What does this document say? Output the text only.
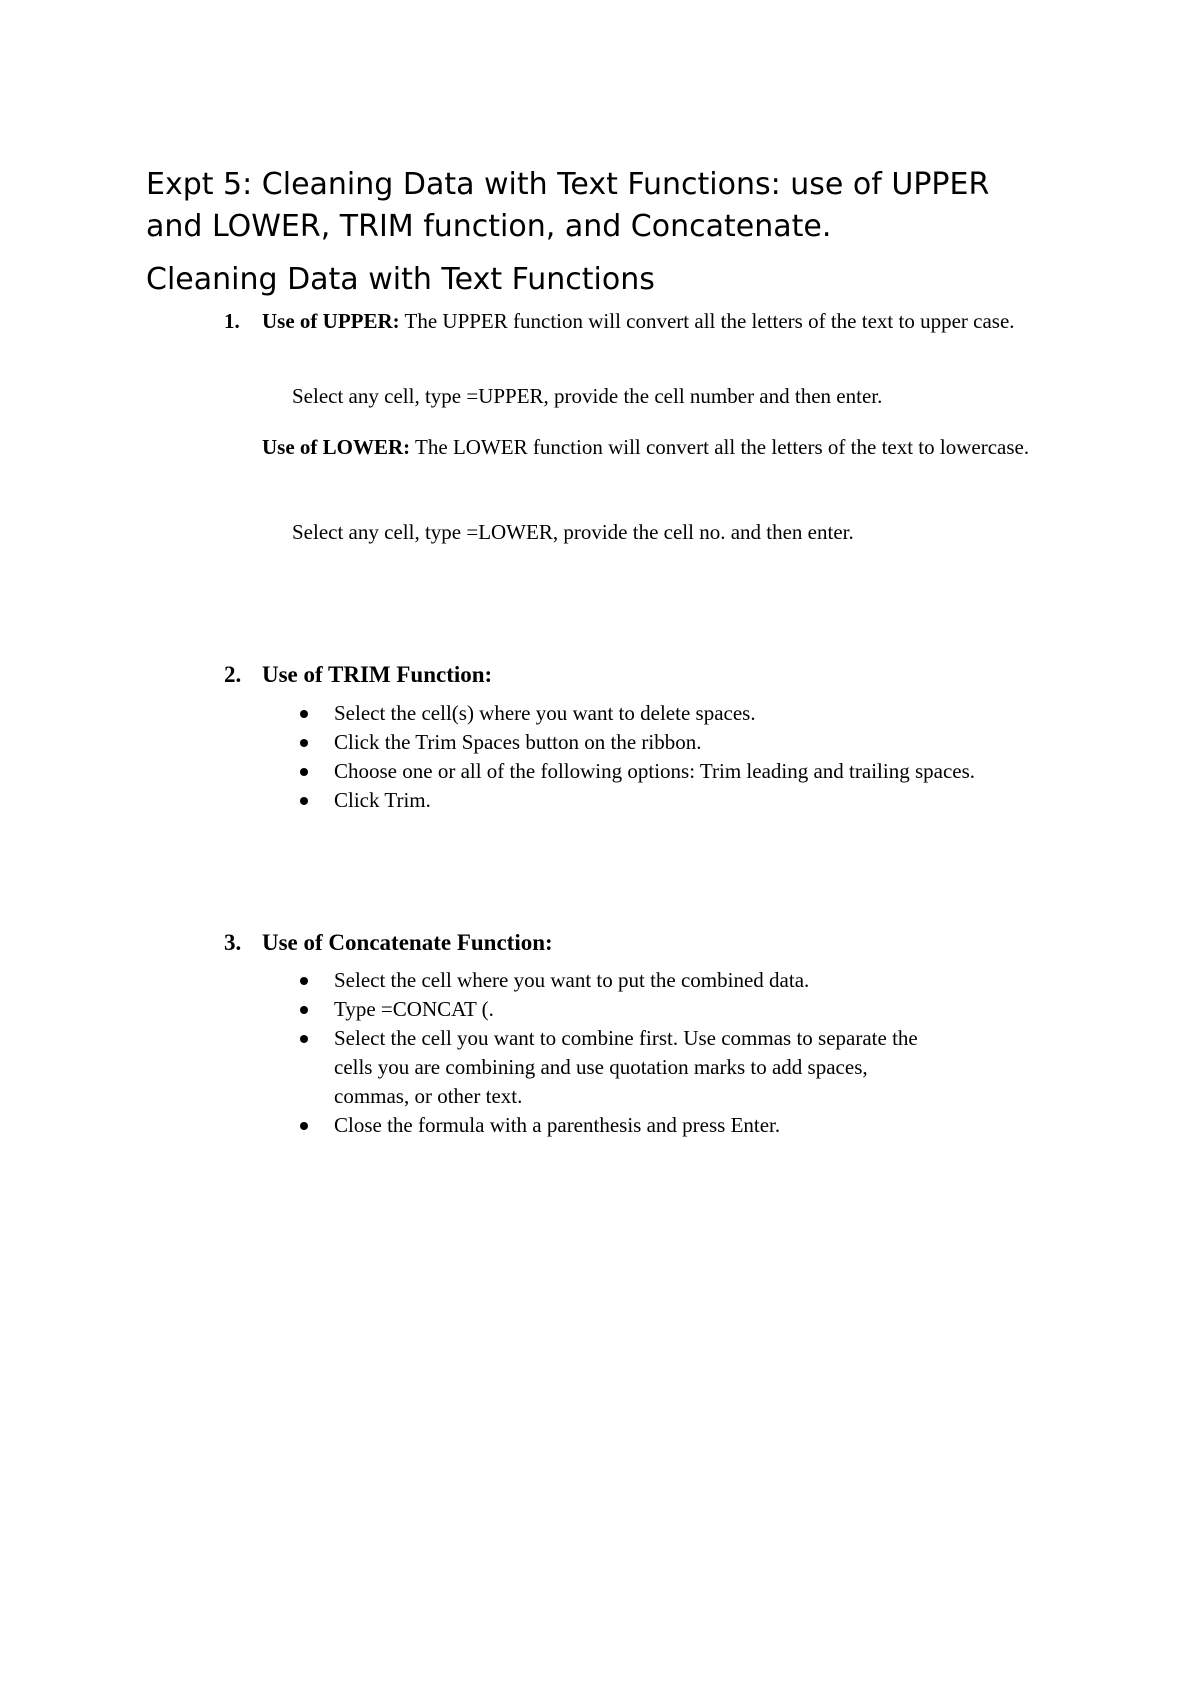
Expt 5: Cleaning Data with Text Functions: use of UPPER and LOWER, TRIM function, and Concatenate.
Cleaning Data with Text Functions
1. Use of UPPER: The UPPER function will convert all the letters of the text to upper case.
Select any cell, type =UPPER, provide the cell number and then enter.
Use of LOWER: The LOWER function will convert all the letters of the text to lowercase.
Select any cell, type =LOWER, provide the cell no. and then enter.
2. Use of TRIM Function:
Select the cell(s) where you want to delete spaces.
Click the Trim Spaces button on the ribbon.
Choose one or all of the following options: Trim leading and trailing spaces.
Click Trim.
3. Use of Concatenate Function:
Select the cell where you want to put the combined data.
Type =CONCAT (.
Select the cell you want to combine first. Use commas to separate the cells you are combining and use quotation marks to add spaces, commas, or other text.
Close the formula with a parenthesis and press Enter.
